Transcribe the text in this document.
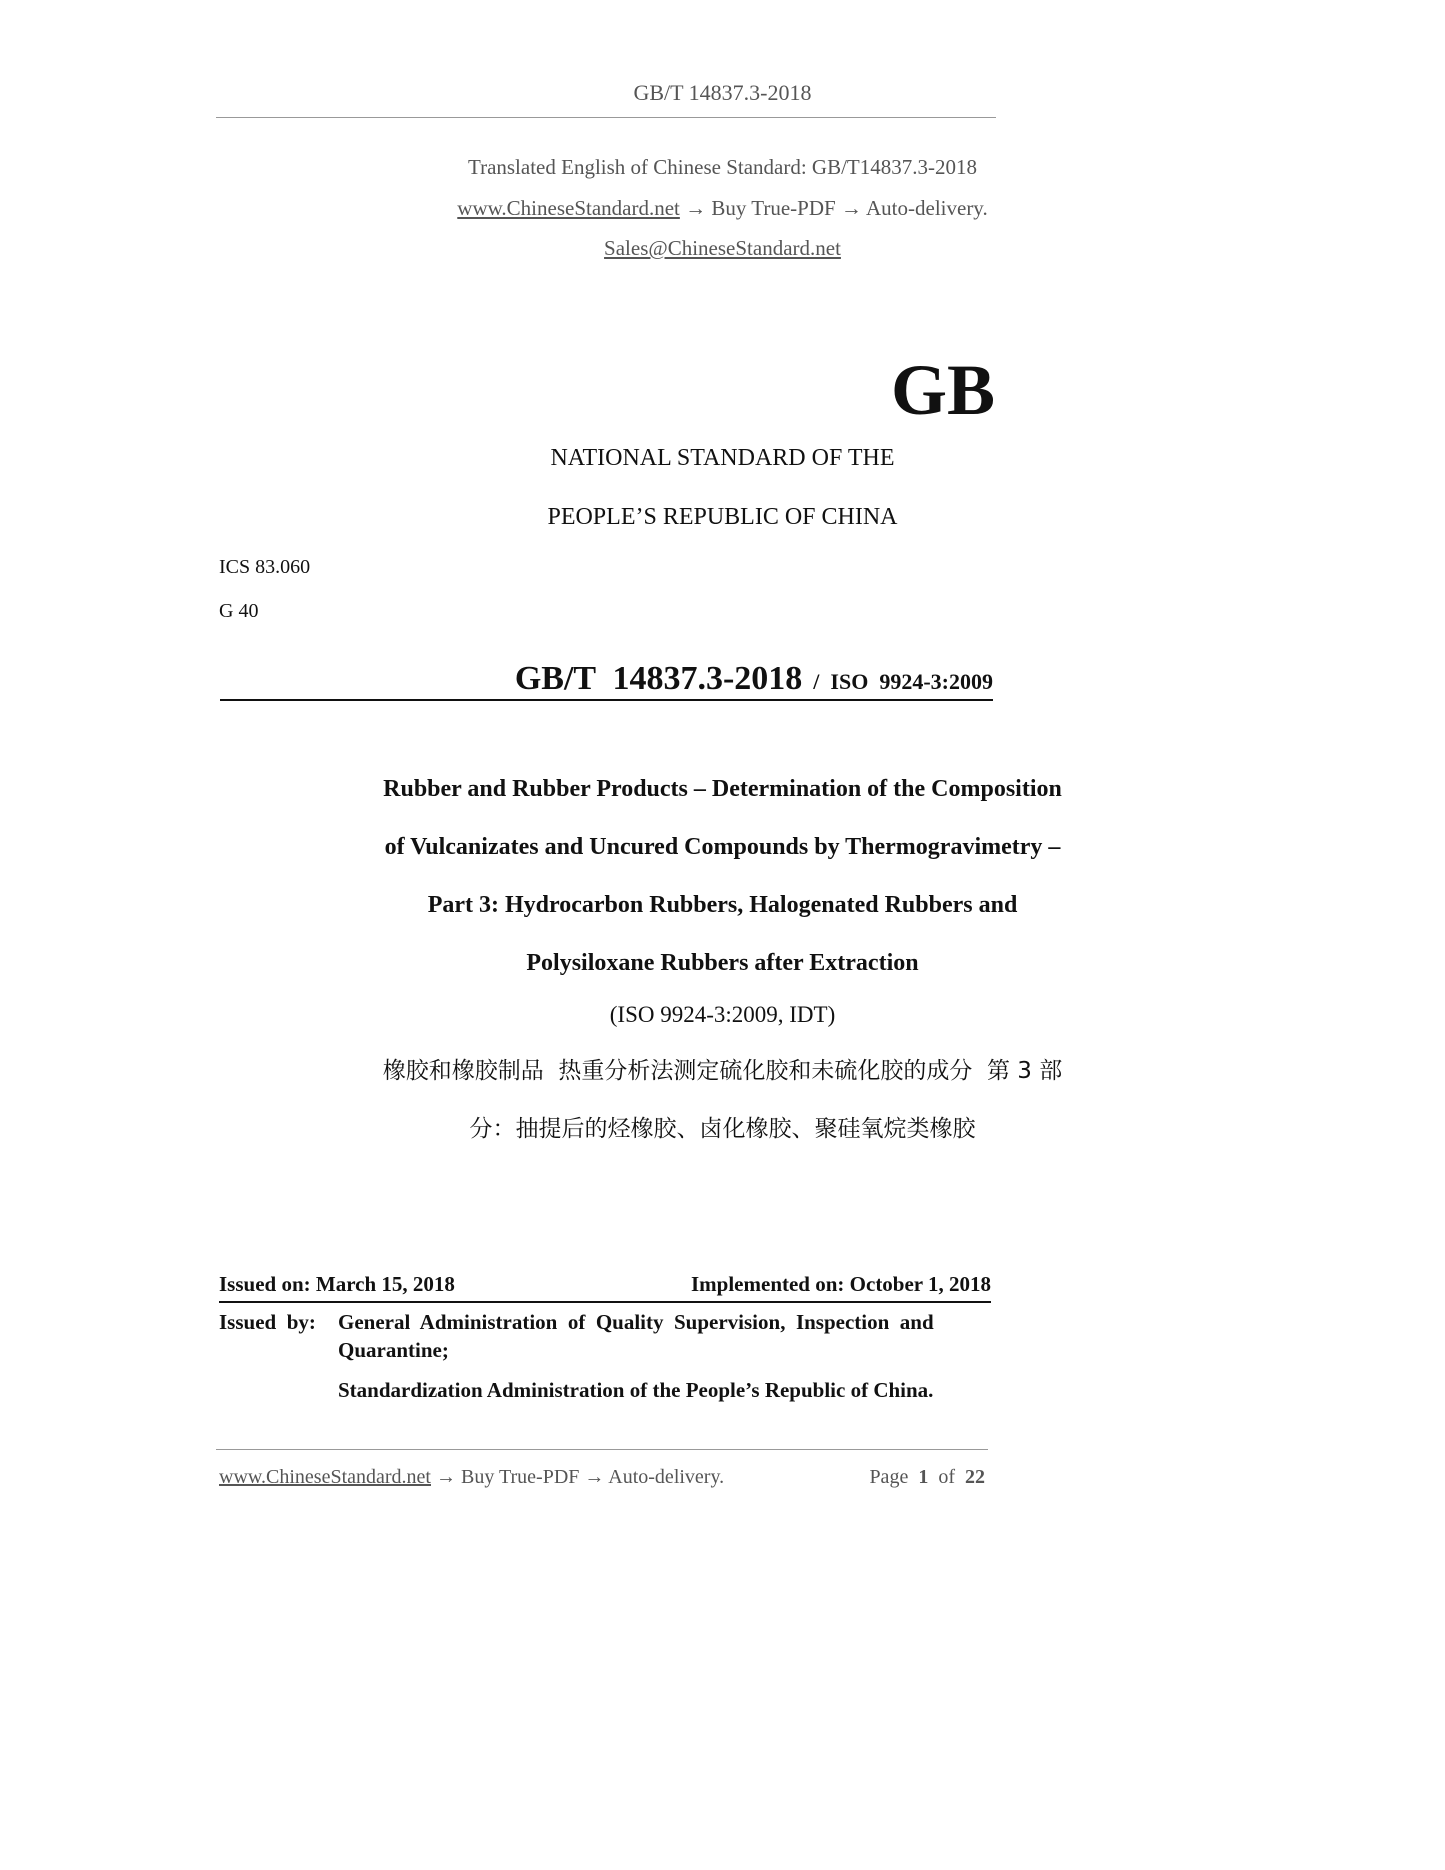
GB/T 14837.3-2018
Translated English of Chinese Standard: GB/T14837.3-2018
www.ChineseStandard.net → Buy True-PDF → Auto-delivery.
Sales@ChineseStandard.net
GB
NATIONAL STANDARD OF THE
PEOPLE’S REPUBLIC OF CHINA
ICS 83.060
G 40

GB/T  14837.3-2018 / ISO 9924-3:2009

Rubber and Rubber Products – Determination of the Composition
of Vulcanizates and Uncured Compounds by Thermogravimetry –
Part 3: Hydrocarbon Rubbers, Halogenated Rubbers and
Polysiloxane Rubbers after Extraction
(ISO 9924-3:2009, IDT)
橡胶和橡胶制品  热重分析法测定硫化胶和未硫化胶的成分  第 3 部
分：抽提后的烃橡胶、卤化橡胶、聚硅氧烷类橡胶
Issued on: March 15, 2018	Implemented on: October 1, 2018
Issued  by: General  Administration  of  Quality  Supervision,  Inspection  and
Quarantine;
Standardization Administration of the People’s Republic of China.
www.ChineseStandard.net → Buy True-PDF → Auto-delivery.	Page 1 of 22
